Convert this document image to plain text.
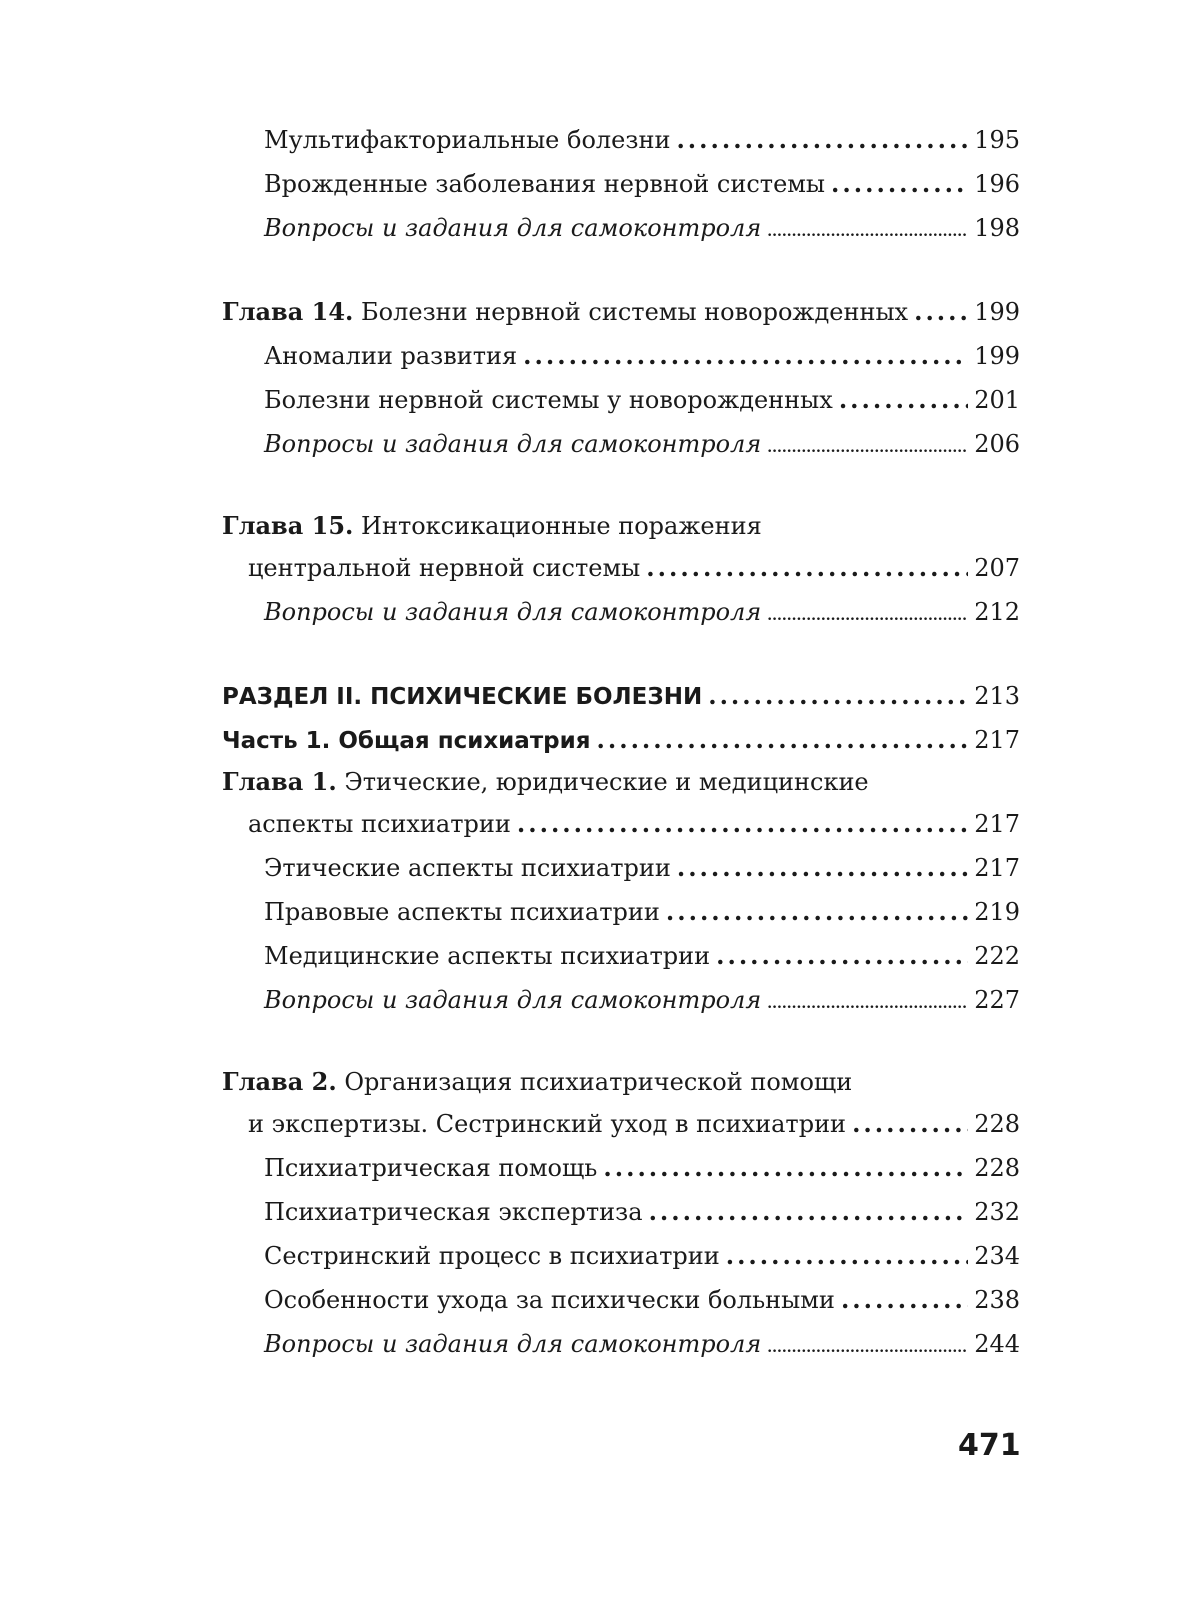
Мультифакториальные болезни .....	195
Врожденные заболевания нервной системы .....	196
Вопросы и задания для самоконтроля .....	198
Глава 14. Болезни нервной системы новорожденных .....	199
Аномалии развития .....	199
Болезни нервной системы у новорожденных .....	201
Вопросы и задания для самоконтроля .....	206
Глава 15. Интоксикационные поражения
центральной нервной системы .....	207
Вопросы и задания для самоконтроля .....	212
РАЗДЕЛ II. ПСИХИЧЕСКИЕ БОЛЕЗНИ .....	213
Часть 1. Общая психиатрия .....	217
Глава 1. Этические, юридические и медицинские
аспекты психиатрии .....	217
Этические аспекты психиатрии .....	217
Правовые аспекты психиатрии .....	219
Медицинские аспекты психиатрии .....	222
Вопросы и задания для самоконтроля .....	227
Глава 2. Организация психиатрической помощи
и экспертизы. Сестринский уход в психиатрии .....	228
Психиатрическая помощь .....	228
Психиатрическая экспертиза .....	232
Сестринский процесс в психиатрии .....	234
Особенности ухода за психически больными .....	238
Вопросы и задания для самоконтроля .....	244
471
